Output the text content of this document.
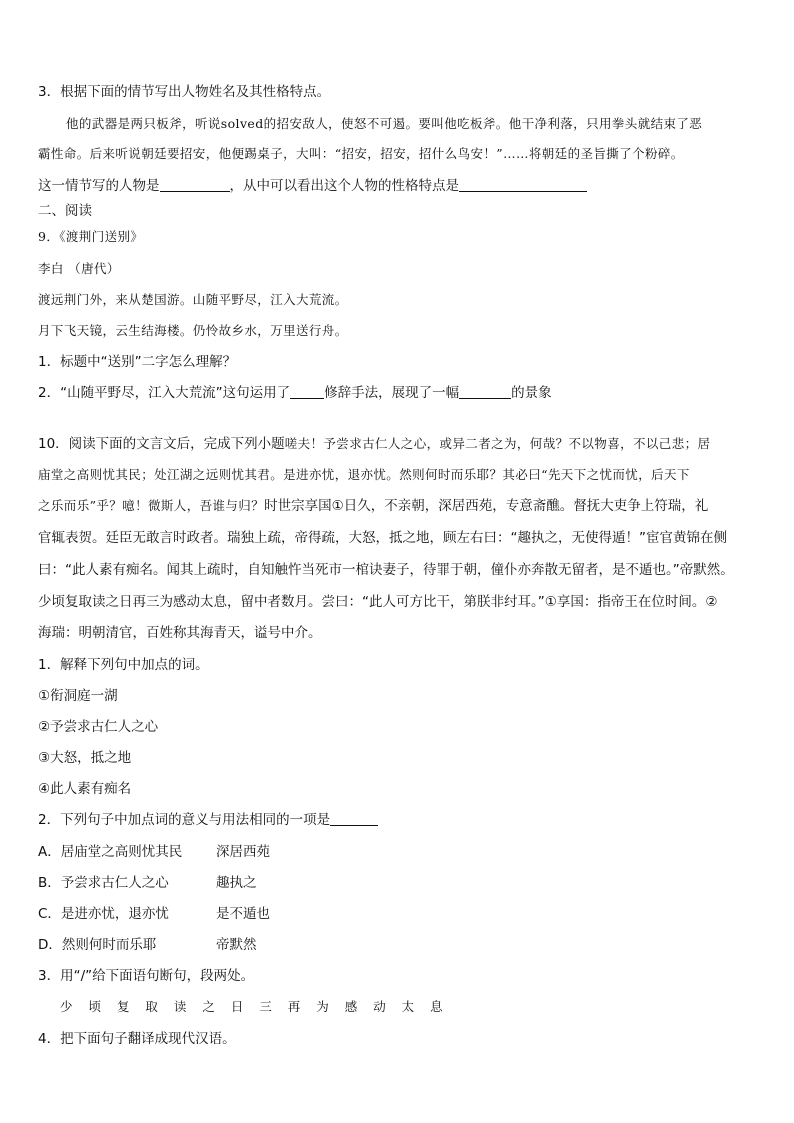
3．根据下面的情节写出人物姓名及其性格特点。
他的武器是两只板斧，听说solved的招安敌人，使怒不可遏。要叫他吃板斧。他干净利落，只用拳头就结束了恶
霸性命。后来听说朝廷要招安，他便踢桌子，大叫：“招安，招安，招什么鸟安！”……将朝廷的圣旨撕了个粉碎。
这一情节写的人物是	，从中可以看出这个人物的性格特点是
二、阅读
9．《渡荆门送别》
李白 （唐代）
渡远荆门外，来从楚国游。山随平野尽，江入大荒流。
月下飞天镜，云生结海楼。仍怜故乡水，万里送行舟。
1．标题中“送别”二字怎么理解？
2．“山随平野尽，江入大荒流”这句运用了	修辞手法，展现了一幅	的景象
10．阅读下面的文言文后，完成下列小题嗟夫！予尝求古仁人之心，或异二者之为，何哉？不以物喜，不以己悲；居
庙堂之高则忧其民；处江湖之远则忧其君。是进亦忧，退亦忧。然则何时而乐耶？其必曰“先天下之忧而忧，后天下
之乐而乐”乎？噫！微斯人，吾谁与归？时世宗享国①日久，不亲朝，深居西苑，专意斋醮。督抚大吏争上符瑞，礼
官辄表贺。廷臣无敢言时政者。瑞独上疏，帝得疏，大怒，抵之地，顾左右曰：“趣执之，无使得遁！”宦官黄锦在侧
曰：“此人素有痴名。闻其上疏时，自知触忤当死市一棺诀妻子，待罪于朝，僮仆亦奔散无留者，是不遁也。”帝默然。
少顷复取读之日再三为感动太息，留中者数月。尝曰：“此人可方比干，第朕非纣耳。”①享国：指帝王在位时间。②
海瑞：明朝清官，百姓称其海青天，谥号中介。
1．解释下列句中加点的词。
①衔洞庭一湖
②予尝求古仁人之心
③大怒，抵之地
④此人素有痴名
2．下列句子中加点词的意义与用法相同的一项是
A．居庙堂之高则忧其民	深居西苑
B．予尝求古仁人之心	趣执之
C．是进亦忧，退亦忧	是不遁也
D．然则何时而乐耶	帝默然
3．用“/”给下面语句断句，段两处。
少 顷 复 取 读 之 日 三 再 为 感 动 太 息
4．把下面句子翻译成现代汉语。
